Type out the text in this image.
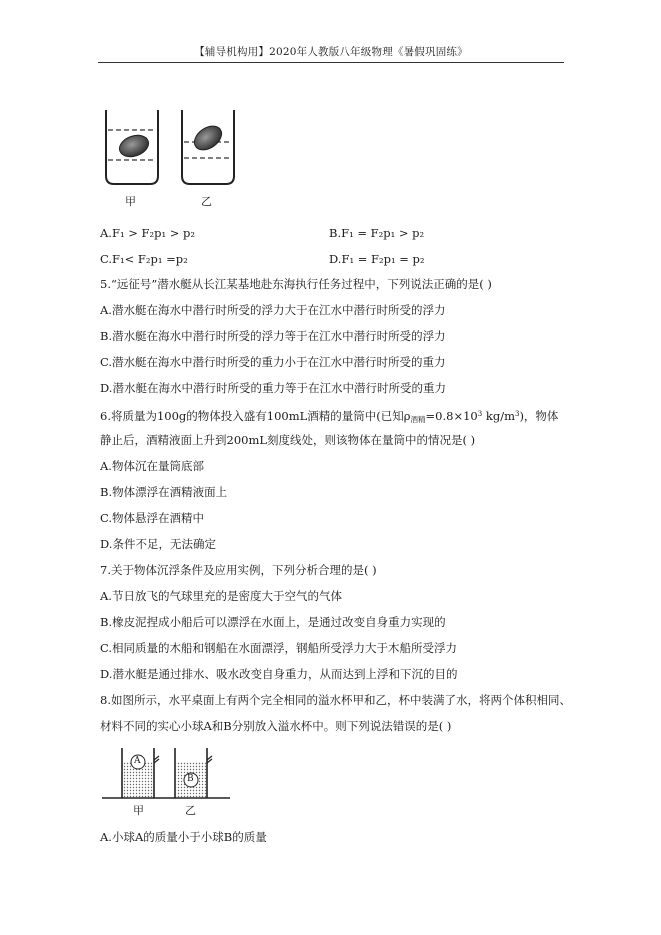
【辅导机构用】2020年人教版八年级物理《暑假巩固练》
甲	乙
A.F₁ > F₂p₁ > p₂	B.F₁ = F₂p₁ > p₂
C.F₁< F₂p₁ =p₂	D.F₁ = F₂p₁ = p₂
5.“远征号”潜水艇从长江某基地赴东海执行任务过程中，下列说法正确的是( )
A.潜水艇在海水中潜行时所受的浮力大于在江水中潜行时所受的浮力
B.潜水艇在海水中潜行时所受的浮力等于在江水中潜行时所受的浮力
C.潜水艇在海水中潜行时所受的重力小于在江水中潜行时所受的重力
D.潜水艇在海水中潜行时所受的重力等于在江水中潜行时所受的重力
6.将质量为100g的物体投入盛有100mL酒精的量筒中(已知$\rho_{酒精}=0.8\times 10^3$ $kg/m^3$)，物体
静止后，酒精液面上升到200mL刻度线处，则该物体在量筒中的情况是( )
A.物体沉在量筒底部
B.物体漂浮在酒精液面上
C.物体悬浮在酒精中
D.条件不足，无法确定
7.关于物体沉浮条件及应用实例，下列分析合理的是( )
A.节日放飞的气球里充的是密度大于空气的气体
B.橡皮泥捏成小船后可以漂浮在水面上，是通过改变自身重力实现的
C.相同质量的木船和钢船在水面漂浮，钢船所受浮力大于木船所受浮力
D.潜水艇是通过排水、吸水改变自身重力，从而达到上浮和下沉的目的
8.如图所示，水平桌面上有两个完全相同的溢水杯甲和乙，杯中装满了水，将两个体积相同、
材料不同的实心小球A和B分别放入溢水杯中。则下列说法错误的是( )
A
B
甲	乙
A.小球A的质量小于小球B的质量
